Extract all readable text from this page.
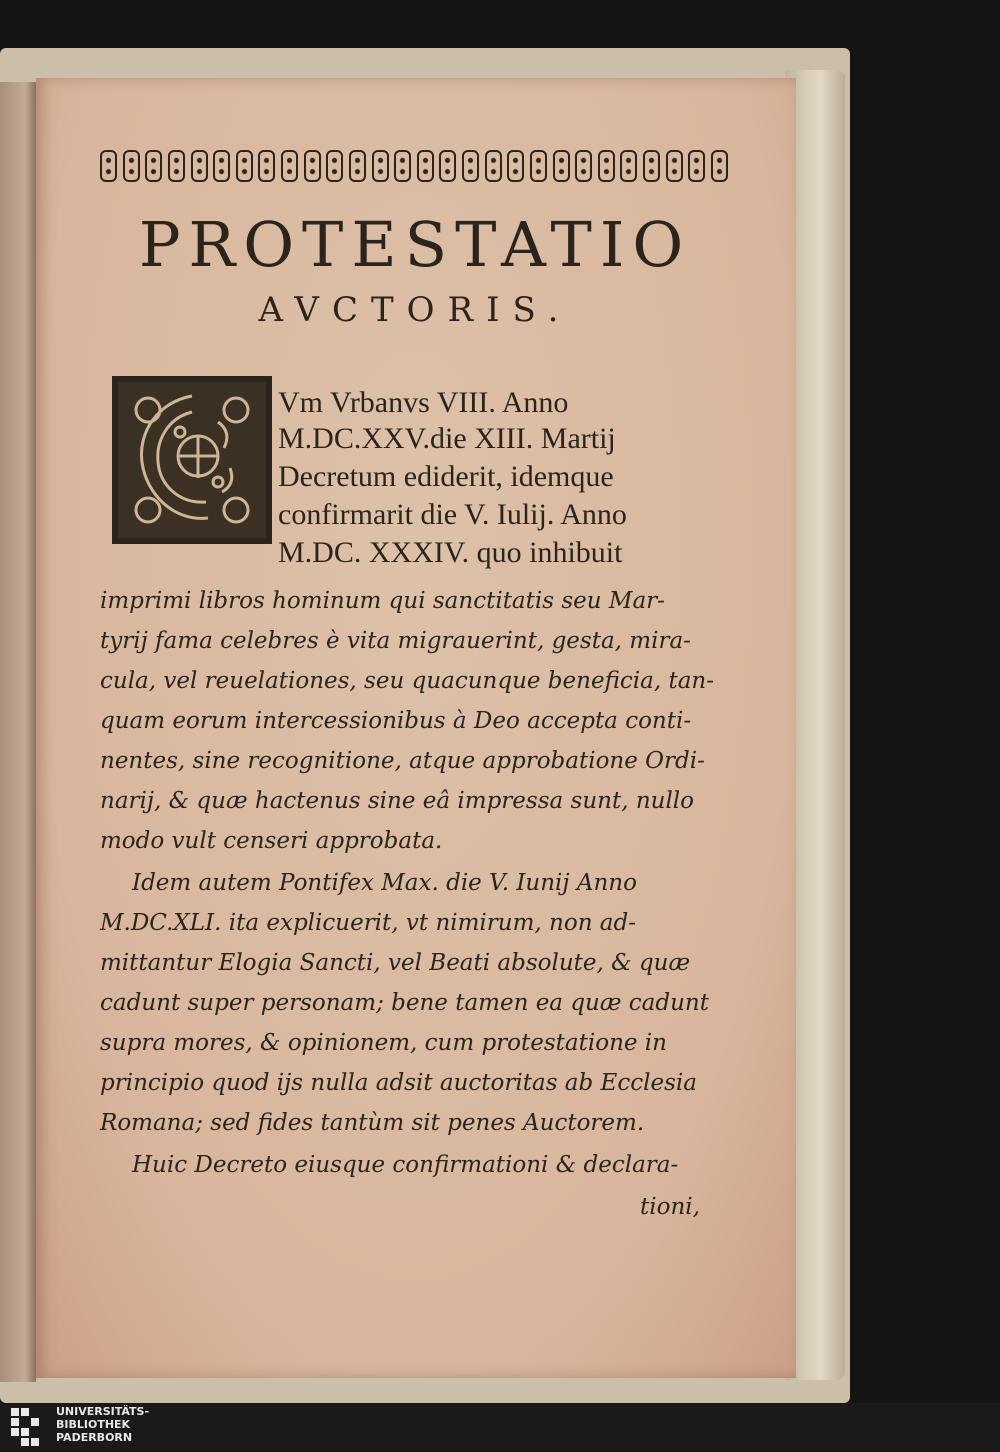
PROTESTATIO
AVCTORIS.

Vm Vrbanvs VIII. Anno

M.DC.XXV.die XIII. Martij

Decretum ediderit, idemque

confirmarit die V. Iulij. Anno

M.DC. XXXIV. quo inhibuit

imprimi libros hominum qui sanctitatis seu Mar-

tyrij fama celebres è vita migrauerint, gesta, mira-

cula, vel reuelationes, seu quacunque beneficia, tan-

quam eorum intercessionibus à Deo accepta conti-

nentes, sine recognitione, atque approbatione Ordi-

narij, & quæ hactenus sine eâ impressa sunt, nullo

modo vult censeri approbata.

Idem autem Pontifex Max. die V. Iunij Anno

M.DC.XLI. ita explicuerit, vt nimirum, non ad-

mittantur Elogia Sancti, vel Beati absolute, & quæ

cadunt super personam; bene tamen ea quæ cadunt

supra mores, & opinionem, cum protestatione in

principio quod ijs nulla adsit auctoritas ab Ecclesia

Romana; sed fides tantùm sit penes Auctorem.

Huic Decreto eiusque confirmationi & declara-

tioni,

UNIVERSITÄTS-
BIBLIOTHEK
PADERBORN
